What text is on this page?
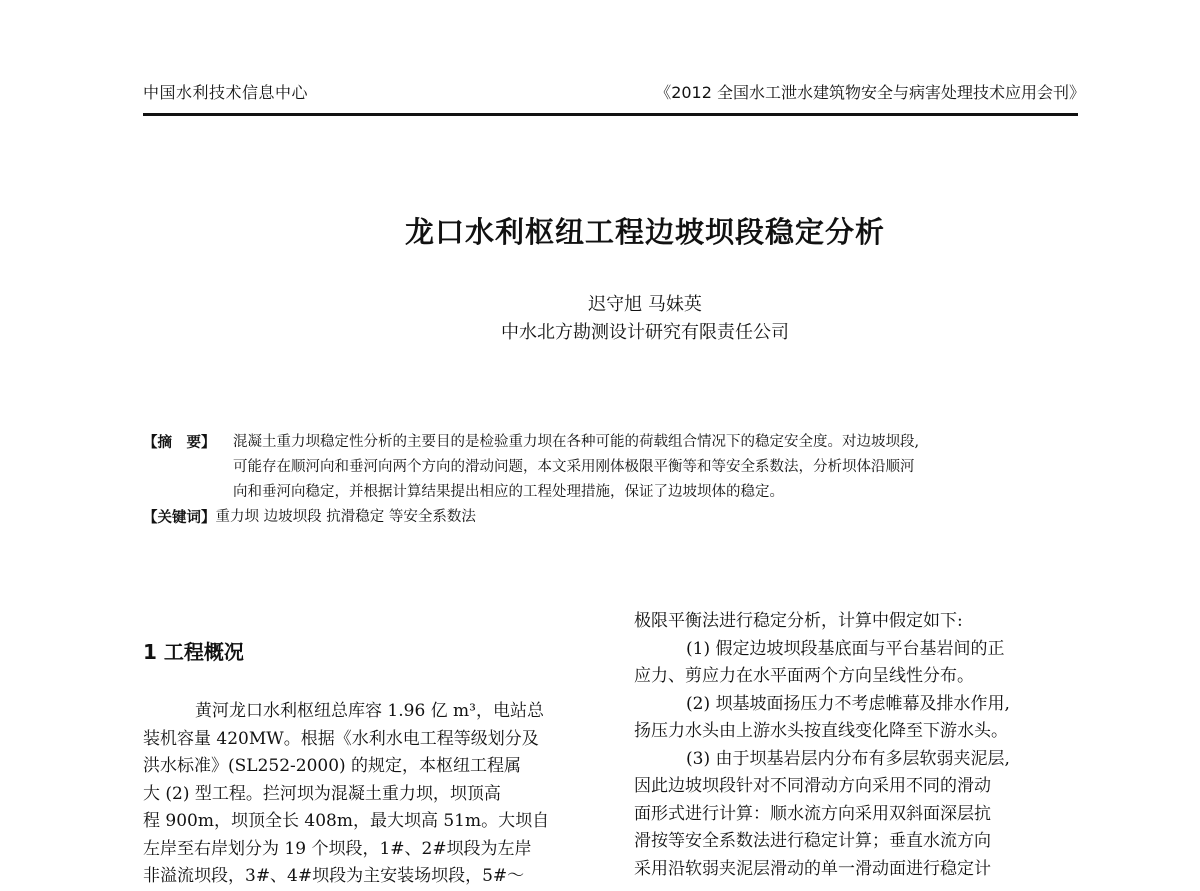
中国水利技术信息中心	《2012 全国水工泄水建筑物安全与病害处理技术应用会刊》
龙口水利枢纽工程边坡坝段稳定分析
迟守旭 马妹英
中水北方勘测设计研究有限责任公司
【摘　要】	混凝土重力坝稳定性分析的主要目的是检验重力坝在各种可能的荷载组合情况下的稳定安全度。对边坡坝段,
可能存在顺河向和垂河向两个方向的滑动问题，本文采用刚体极限平衡等和等安全系数法，分析坝体沿顺河
向和垂河向稳定，并根据计算结果提出相应的工程处理措施，保证了边坡坝体的稳定。
【关键词】 重力坝 边坡坝段 抗滑稳定 等安全系数法
1 工程概况
黄河龙口水利枢纽总库容 1.96 亿 m³，电站总
装机容量 420MW。根据《水利水电工程等级划分及
洪水标准》(SL252-2000) 的规定，本枢纽工程属
大 (2) 型工程。拦河坝为混凝土重力坝，坝顶高
程 900m，坝顶全长 408m，最大坝高 51m。大坝自
左岸至右岸划分为 19 个坝段，1#、2#坝段为左岸
非溢流坝段，3#、4#坝段为主安装场坝段，5#～
极限平衡法进行稳定分析，计算中假定如下:
(1) 假定边坡坝段基底面与平台基岩间的正
应力、剪应力在水平面两个方向呈线性分布。
(2) 坝基坡面扬压力不考虑帷幕及排水作用,
扬压力水头由上游水头按直线变化降至下游水头。
(3) 由于坝基岩层内分布有多层软弱夹泥层,
因此边坡坝段针对不同滑动方向采用不同的滑动
面形式进行计算：顺水流方向采用双斜面深层抗
滑按等安全系数法进行稳定计算；垂直水流方向
采用沿软弱夹泥层滑动的单一滑动面进行稳定计
